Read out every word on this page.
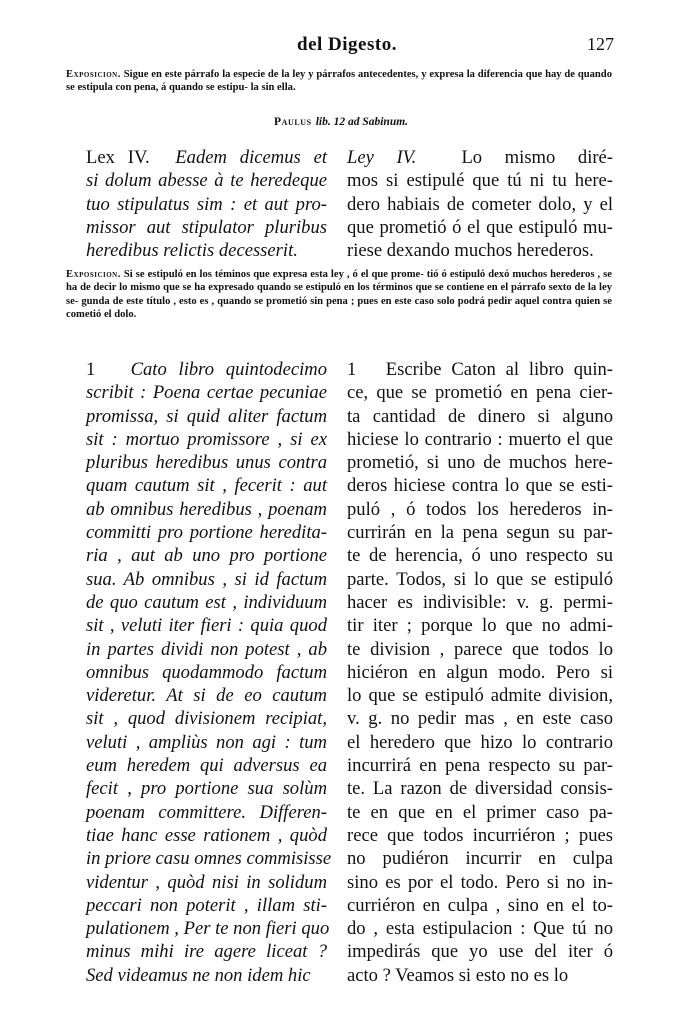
del Digesto.	127
Exposicion. Sigue en este párrafo la especie de la ley y párrafos antecedentes, y expresa la diferencia que hay de quando se estipula con pena, á quando se estipu- la sin ella.
Paulus lib. 12 ad Sabinum.
Lex IV. Eadem dicemus et
si dolum abesse à te heredeque
tuo stipulatus sim : et aut pro-
missor aut stipulator pluribus
heredibus relictis decesserit.
Ley IV. Lo mismo diré-
mos si estipulé que tú ni tu here-
dero habiais de cometer dolo, y el
que prometió ó el que estipuló mu-
riese dexando muchos herederos.
Exposicion. Si se estipuló en los téminos que expresa esta ley , ó el que prome- tió ó estipuló dexó muchos herederos , se ha de decir lo mismo que se ha expresado quando se estipuló en los términos que se contiene en el párrafo sexto de la ley se- gunda de este título , esto es , quando se prometió sin pena ; pues en este caso solo podrá pedir aquel contra quien se cometió el dolo.
1 Cato libro quintodecimo
scribit : Poena certae pecuniae
promissa, si quid aliter factum
sit : mortuo promissore , si ex
pluribus heredibus unus contra
quam cautum sit , fecerit : aut
ab omnibus heredibus , poenam
committi pro portione heredita-
ria , aut ab uno pro portione
sua. Ab omnibus , si id factum
de quo cautum est , individuum
sit , veluti iter fieri : quia quod
in partes dividi non potest , ab
omnibus quodammodo factum
videretur. At si de eo cautum
sit , quod divisionem recipiat,
veluti , ampliùs non agi : tum
eum heredem qui adversus ea
fecit , pro portione sua solùm
poenam committere. Differen-
tiae hanc esse rationem , quòd
in priore casu omnes commisisse
videntur , quòd nisi in solidum
peccari non poterit , illam sti-
pulationem , Per te non fieri quo
minus mihi ire agere liceat ?
Sed videamus ne non idem hic
1 Escribe Caton al libro quin-
ce, que se prometió en pena cier-
ta cantidad de dinero si alguno
hiciese lo contrario : muerto el que
prometió, si uno de muchos here-
deros hiciese contra lo que se esti-
puló , ó todos los herederos in-
currirán en la pena segun su par-
te de herencia, ó uno respecto su
parte. Todos, si lo que se estipuló
hacer es indivisible: v. g. permi-
tir iter ; porque lo que no admi-
te division , parece que todos lo
hiciéron en algun modo. Pero si
lo que se estipuló admite division,
v. g. no pedir mas , en este caso
el heredero que hizo lo contrario
incurrirá en pena respecto su par-
te. La razon de diversidad consis-
te en que en el primer caso pa-
rece que todos incurriéron ; pues
no pudiéron incurrir en culpa
sino es por el todo. Pero si no in-
curriéron en culpa , sino en el to-
do , esta estipulacion : Que tú no
impedirás que yo use del iter ó
acto ? Veamos si esto no es lo
